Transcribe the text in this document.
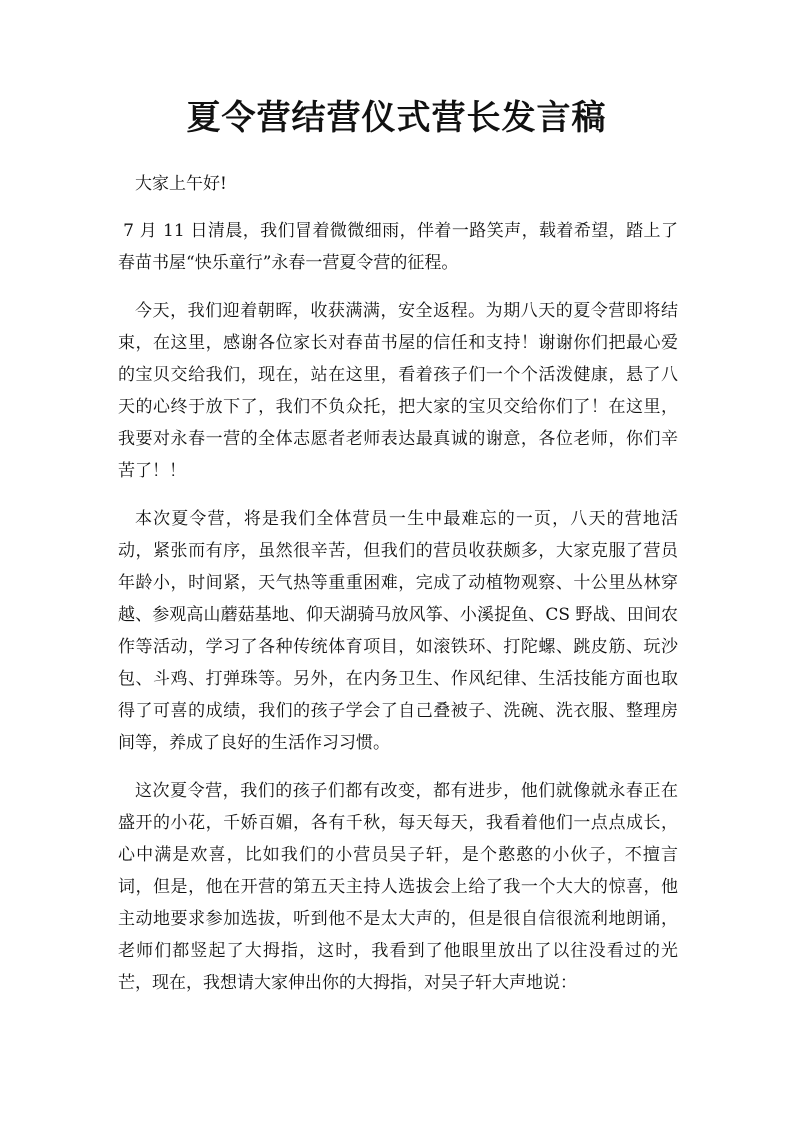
夏令营结营仪式营长发言稿

大家上午好!

7 月 11 日清晨，我们冒着微微细雨，伴着一路笑声，载着希望，踏上了春苗书屋“快乐童行”永春一营夏令营的征程。

今天，我们迎着朝晖，收获满满，安全返程。为期八天的夏令营即将结束，在这里，感谢各位家长对春苗书屋的信任和支持！谢谢你们把最心爱的宝贝交给我们，现在，站在这里，看着孩子们一个个活泼健康，悬了八天的心终于放下了，我们不负众托，把大家的宝贝交给你们了！在这里，我要对永春一营的全体志愿者老师表达最真诚的谢意，各位老师，你们辛苦了！！

本次夏令营，将是我们全体营员一生中最难忘的一页，八天的营地活动，紧张而有序，虽然很辛苦，但我们的营员收获颇多，大家克服了营员年龄小，时间紧，天气热等重重困难，完成了动植物观察、十公里丛林穿越、参观高山蘑菇基地、仰天湖骑马放风筝、小溪捉鱼、CS 野战、田间农作等活动，学习了各种传统体育项目，如滚铁环、打陀螺、跳皮筋、玩沙包、斗鸡、打弹珠等。另外，在内务卫生、作风纪律、生活技能方面也取得了可喜的成绩，我们的孩子学会了自己叠被子、洗碗、洗衣服、整理房间等，养成了良好的生活作习习惯。

这次夏令营，我们的孩子们都有改变，都有进步，他们就像就永春正在盛开的小花，千娇百媚，各有千秋，每天每天，我看着他们一点点成长，心中满是欢喜，比如我们的小营员吴子轩，是个憨憨的小伙子，不擅言词，但是，他在开营的第五天主持人选拔会上给了我一个大大的惊喜，他主动地要求参加选拔，听到他不是太大声的，但是很自信很流利地朗诵，老师们都竖起了大拇指，这时，我看到了他眼里放出了以往没看过的光芒，现在，我想请大家伸出你的大拇指，对吴子轩大声地说：
